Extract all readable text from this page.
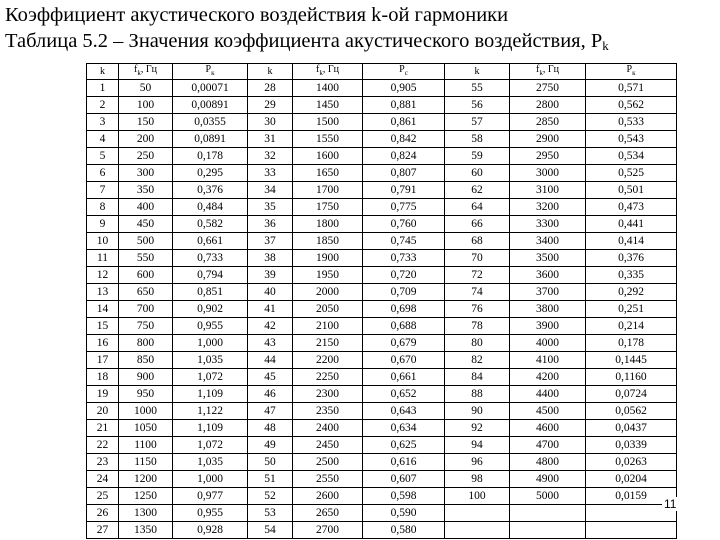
Коэффициент акустического воздействия k-ой гармоники
Таблица 5.2 – Значения коэффициента акустического воздействия, $P_k$
k	$f_k$, Гц	$P_к$	k	$f_k$, Гц	$P_c$	k	$f_k$, Гц	$P_к$
1	50	0,00071	28	1400	0,905	55	2750	0,571
2	100	0,00891	29	1450	0,881	56	2800	0,562
3	150	0,0355	30	1500	0,861	57	2850	0,533
4	200	0,0891	31	1550	0,842	58	2900	0,543
5	250	0,178	32	1600	0,824	59	2950	0,534
6	300	0,295	33	1650	0,807	60	3000	0,525
7	350	0,376	34	1700	0,791	62	3100	0,501
8	400	0,484	35	1750	0,775	64	3200	0,473
9	450	0,582	36	1800	0,760	66	3300	0,441
10	500	0,661	37	1850	0,745	68	3400	0,414
11	550	0,733	38	1900	0,733	70	3500	0,376
12	600	0,794	39	1950	0,720	72	3600	0,335
13	650	0,851	40	2000	0,709	74	3700	0,292
14	700	0,902	41	2050	0,698	76	3800	0,251
15	750	0,955	42	2100	0,688	78	3900	0,214
16	800	1,000	43	2150	0,679	80	4000	0,178
17	850	1,035	44	2200	0,670	82	4100	0,1445
18	900	1,072	45	2250	0,661	84	4200	0,1160
19	950	1,109	46	2300	0,652	88	4400	0,0724
20	1000	1,122	47	2350	0,643	90	4500	0,0562
21	1050	1,109	48	2400	0,634	92	4600	0,0437
22	1100	1,072	49	2450	0,625	94	4700	0,0339
23	1150	1,035	50	2500	0,616	96	4800	0,0263
24	1200	1,000	51	2550	0,607	98	4900	0,0204
25	1250	0,977	52	2600	0,598	100	5000	0,0159
26	1300	0,955	53	2650	0,590			
27	1350	0,928	54	2700	0,580			
11
